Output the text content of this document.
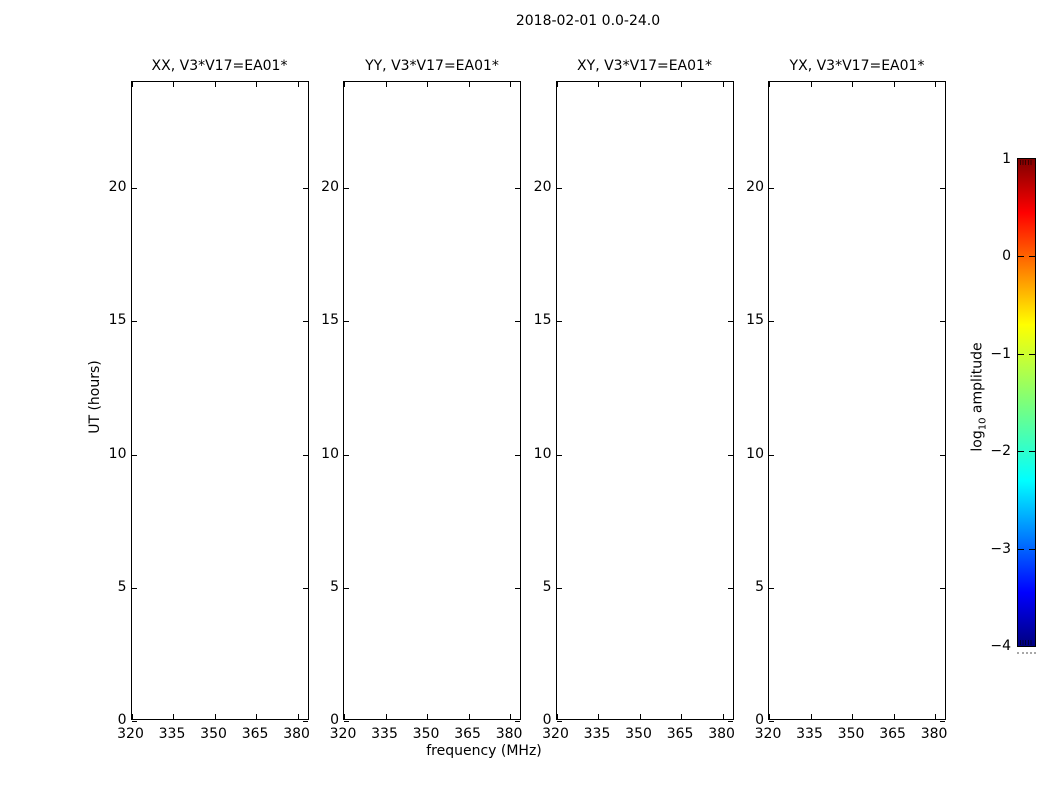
2018-02-01 0.0-24.0
UT (hours)
frequency (MHz)
XX, V3*V17=EA01*
320 335 350 365 380
0
5
10
15
20
YY, V3*V17=EA01*
320 335 350 365 380
0
5
10
15
20
XY, V3*V17=EA01*
320 335 350 365 380
0
5
10
15
20
YX, V3*V17=EA01*
320 335 350 365 380
0
5
10
15
20
1
0
−1
−2
−3
−4
$\log_{10}$ amplitude
